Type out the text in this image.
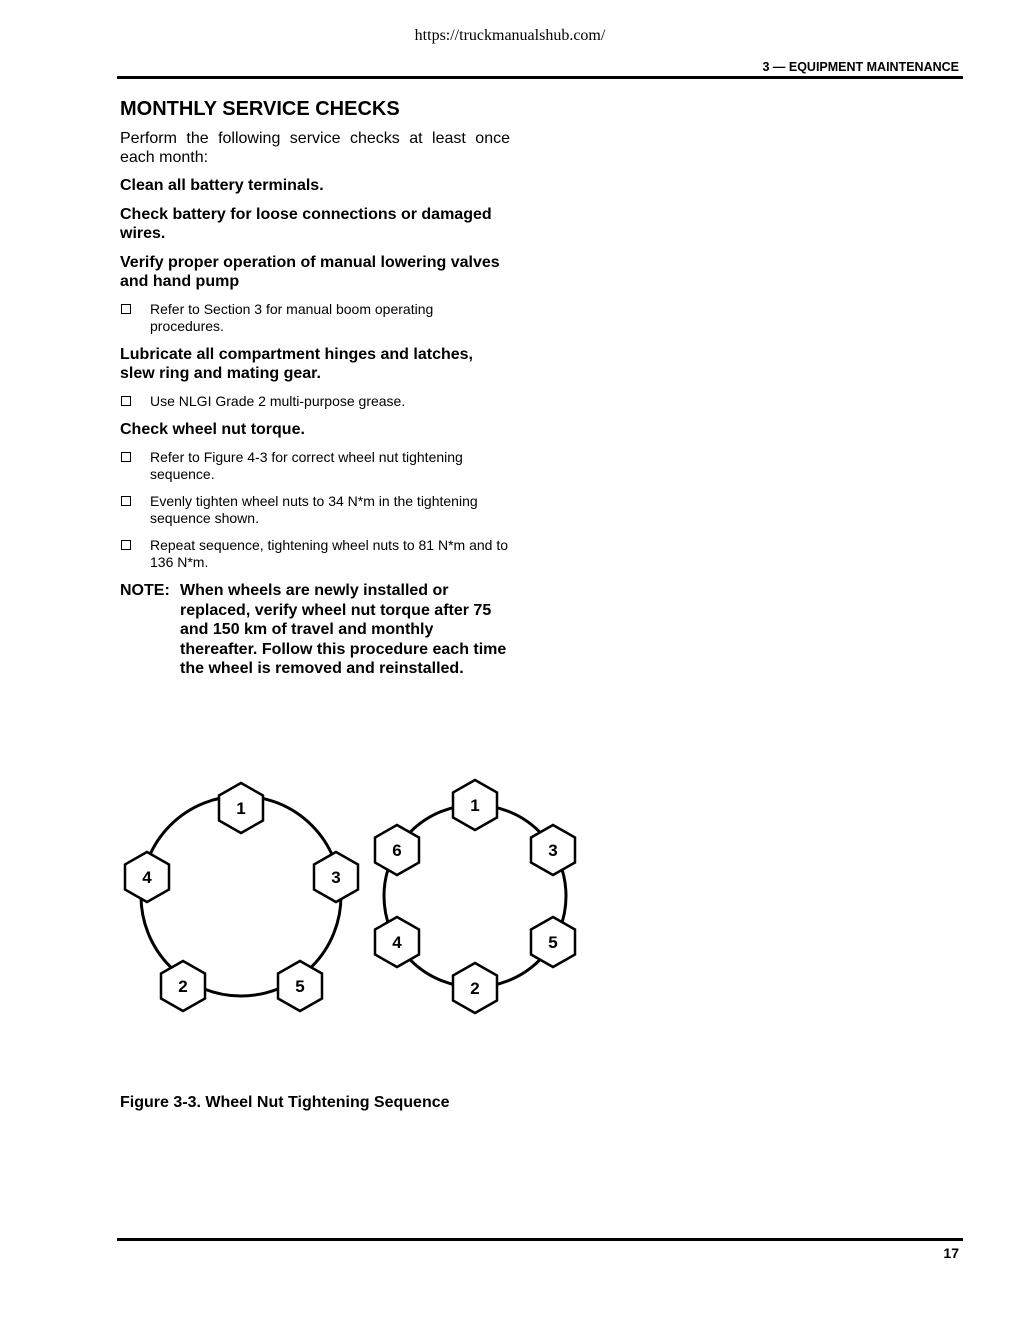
https://truckmanualshub.com/
3 — EQUIPMENT MAINTENANCE
MONTHLY SERVICE CHECKS
Perform the following service checks at least once each month:
Clean all battery terminals.
Check battery for loose connections or damaged wires.
Verify proper operation of manual lowering valves and hand pump
Refer to Section 3 for manual boom operating procedures.
Lubricate all compartment hinges and latches, slew ring and mating gear.
Use NLGI Grade 2 multi-purpose grease.
Check wheel nut torque.
Refer to Figure 4-3 for correct wheel nut tightening sequence.
Evenly tighten wheel nuts to 34 N*m in the tightening sequence shown.
Repeat sequence, tightening wheel nuts to 81 N*m and to 136 N*m.
NOTE: When wheels are newly installed or replaced, verify wheel nut torque after 75 and 150 km of travel and monthly thereafter. Follow this procedure each time the wheel is removed and reinstalled.
1
3
5
2
4
1
3
5
2
4
6
Figure 3-3. Wheel Nut Tightening Sequence
17
